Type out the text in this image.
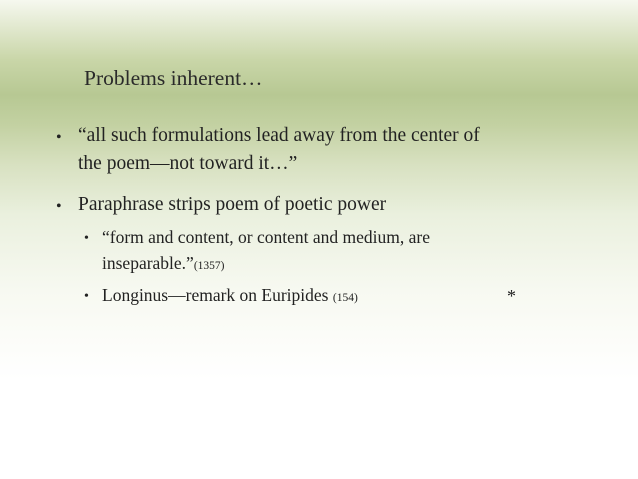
Problems inherent…
• “all such formulations lead away from the center of
the poem—not toward it…”
• Paraphrase strips poem of poetic power
• “form and content, or content and medium, are
inseparable.”(1357)
• Longinus—remark on Euripides (154)	*
